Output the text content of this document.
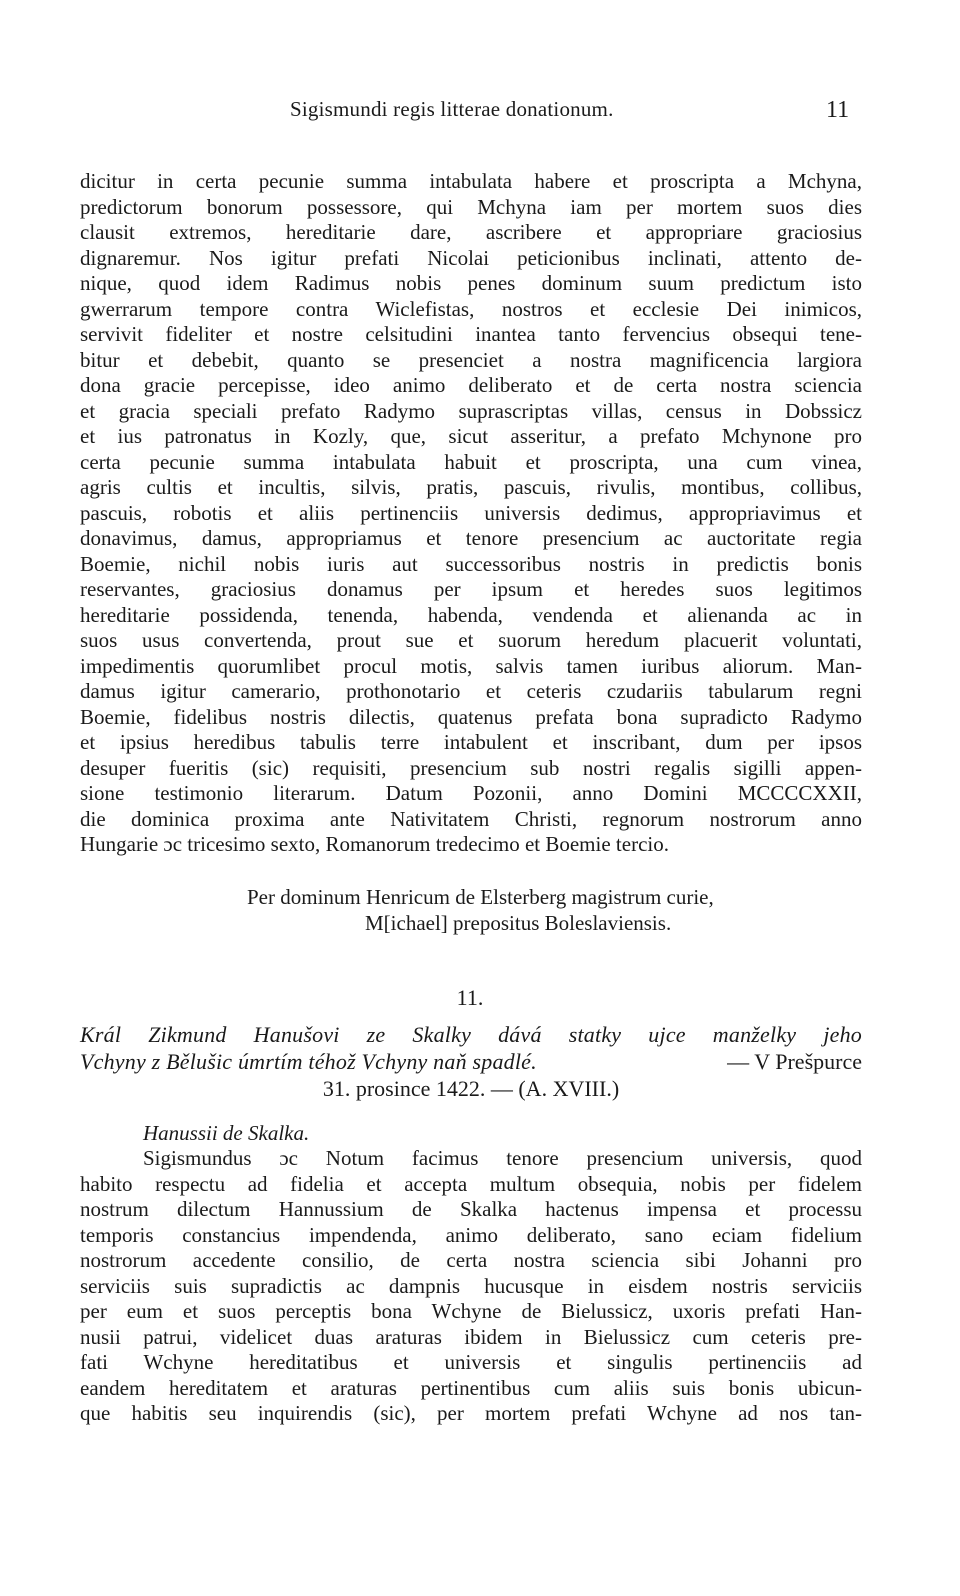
Sigismundi regis litterae donationum.	11
dicitur in certa pecunie summa intabulata habere et proscripta a Mchyna,
predictorum bonorum possessore, qui Mchyna iam per mortem suos dies
clausit extremos, hereditarie dare, ascribere et appropriare graciosius
dignaremur. Nos igitur prefati Nicolai peticionibus inclinati, attento de-
nique, quod idem Radimus nobis penes dominum suum predictum isto
gwerrarum tempore contra Wiclefistas, nostros et ecclesie Dei inimicos,
servivit fideliter et nostre celsitudini inantea tanto fervencius obsequi tene-
bitur et debebit, quanto se presenciet a nostra magnificencia largiora
dona gracie percepisse, ideo animo deliberato et de certa nostra sciencia
et gracia speciali prefato Radymo suprascriptas villas, census in Dobssicz
et ius patronatus in Kozly, que, sicut asseritur, a prefato Mchynone pro
certa pecunie summa intabulata habuit et proscripta, una cum vinea,
agris cultis et incultis, silvis, pratis, pascuis, rivulis, montibus, collibus,
pascuis, robotis et aliis pertinenciis universis dedimus, appropriavimus et
donavimus, damus, appropriamus et tenore presencium ac auctoritate regia
Boemie, nichil nobis iuris aut successoribus nostris in predictis bonis
reservantes, graciosius donamus per ipsum et heredes suos legitimos
hereditarie possidenda, tenenda, habenda, vendenda et alienanda ac in
suos usus convertenda, prout sue et suorum heredum placuerit voluntati,
impedimentis quorumlibet procul motis, salvis tamen iuribus aliorum. Man-
damus igitur camerario, prothonotario et ceteris czudariis tabularum regni
Boemie, fidelibus nostris dilectis, quatenus prefata bona supradicto Radymo
et ipsius heredibus tabulis terre intabulent et inscribant, dum per ipsos
desuper fueritis (sic) requisiti, presencium sub nostri regalis sigilli appen-
sione testimonio literarum. Datum Pozonii, anno Domini MCCCCXXII,
die dominica proxima ante Nativitatem Christi, regnorum nostrorum anno
Hungarie ɔc tricesimo sexto, Romanorum tredecimo et Boemie tercio.
Per dominum Henricum de Elsterberg magistrum curie,
M[ichael] prepositus Boleslaviensis.
11.
Král Zikmund Hanušovi ze Skalky dává statky ujce manželky jeho
Vchyny z Bělušic úmrtím téhož Vchyny naň spadlé.	— V Prešpurce
31. prosince 1422. — (A. XVIII.)
Hanussii de Skalka.
Sigismundus ɔc Notum facimus tenore presencium universis, quod
habito respectu ad fidelia et accepta multum obsequia, nobis per fidelem
nostrum dilectum Hannussium de Skalka hactenus impensa et processu
temporis constancius impendenda, animo deliberato, sano eciam fidelium
nostrorum accedente consilio, de certa nostra sciencia sibi Johanni pro
serviciis suis supradictis ac dampnis hucusque in eisdem nostris serviciis
per eum et suos perceptis bona Wchyne de Bielussicz, uxoris prefati Han-
nusii patrui, videlicet duas araturas ibidem in Bielussicz cum ceteris pre-
fati Wchyne hereditatibus et universis et singulis pertinenciis ad
eandem hereditatem et araturas pertinentibus cum aliis suis bonis ubicun-
que habitis seu inquirendis (sic), per mortem prefati Wchyne ad nos tan-
